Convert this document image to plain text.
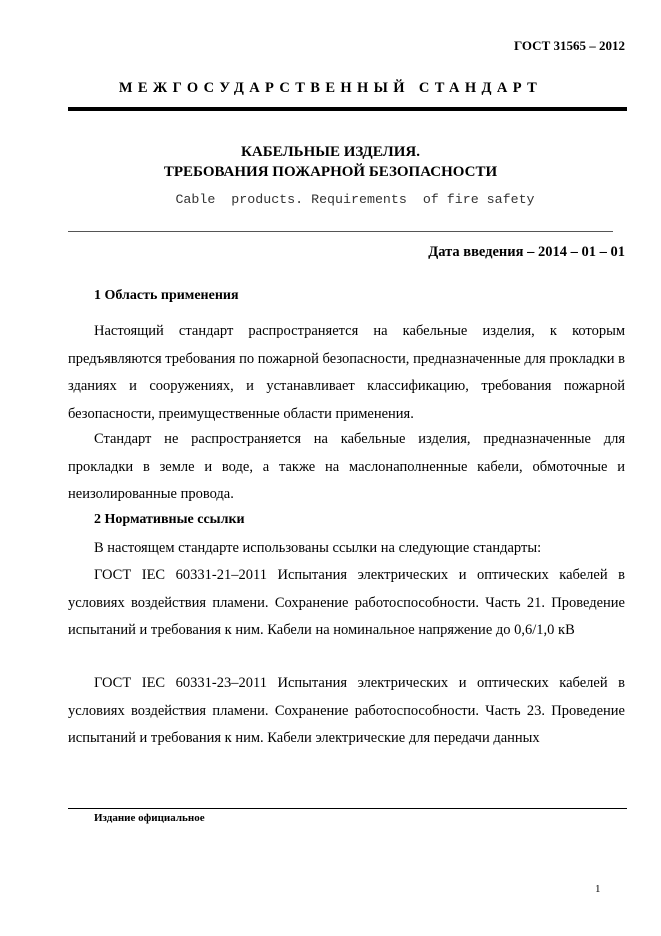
ГОСТ 31565 – 2012
МЕЖГОСУДАРСТВЕННЫЙ СТАНДАРТ
КАБЕЛЬНЫЕ ИЗДЕЛИЯ.
ТРЕБОВАНИЯ ПОЖАРНОЙ БЕЗОПАСНОСТИ
Cable  products. Requirements  of fire safety
Дата введения – 2014 – 01 – 01
1 Область применения

Настоящий стандарт распространяется на кабельные изделия, к которым предъявляются требования по пожарной безопасности, предназначенные для прокладки в зданиях и сооружениях, и устанавливает классификацию, требования пожарной безопасности, преимущественные области применения.

Стандарт не распространяется на кабельные изделия, предназначенные для прокладки в земле и воде, а также на маслонаполненные кабели, обмоточные и неизолированные провода.

2 Нормативные ссылки

В настоящем стандарте использованы ссылки на следующие стандарты:

ГОСТ IEC 60331-21–2011 Испытания электрических и оптических кабелей в условиях воздействия пламени. Сохранение работоспособности. Часть 21. Проведение испытаний и требования к ним. Кабели на номинальное напряжение до 0,6/1,0 кВ

ГОСТ IEC 60331-23–2011 Испытания электрических и оптических кабелей в условиях воздействия пламени. Сохранение работоспособности. Часть 23. Проведение испытаний и требования к ним. Кабели электрические для передачи данных

Издание официальное
1
